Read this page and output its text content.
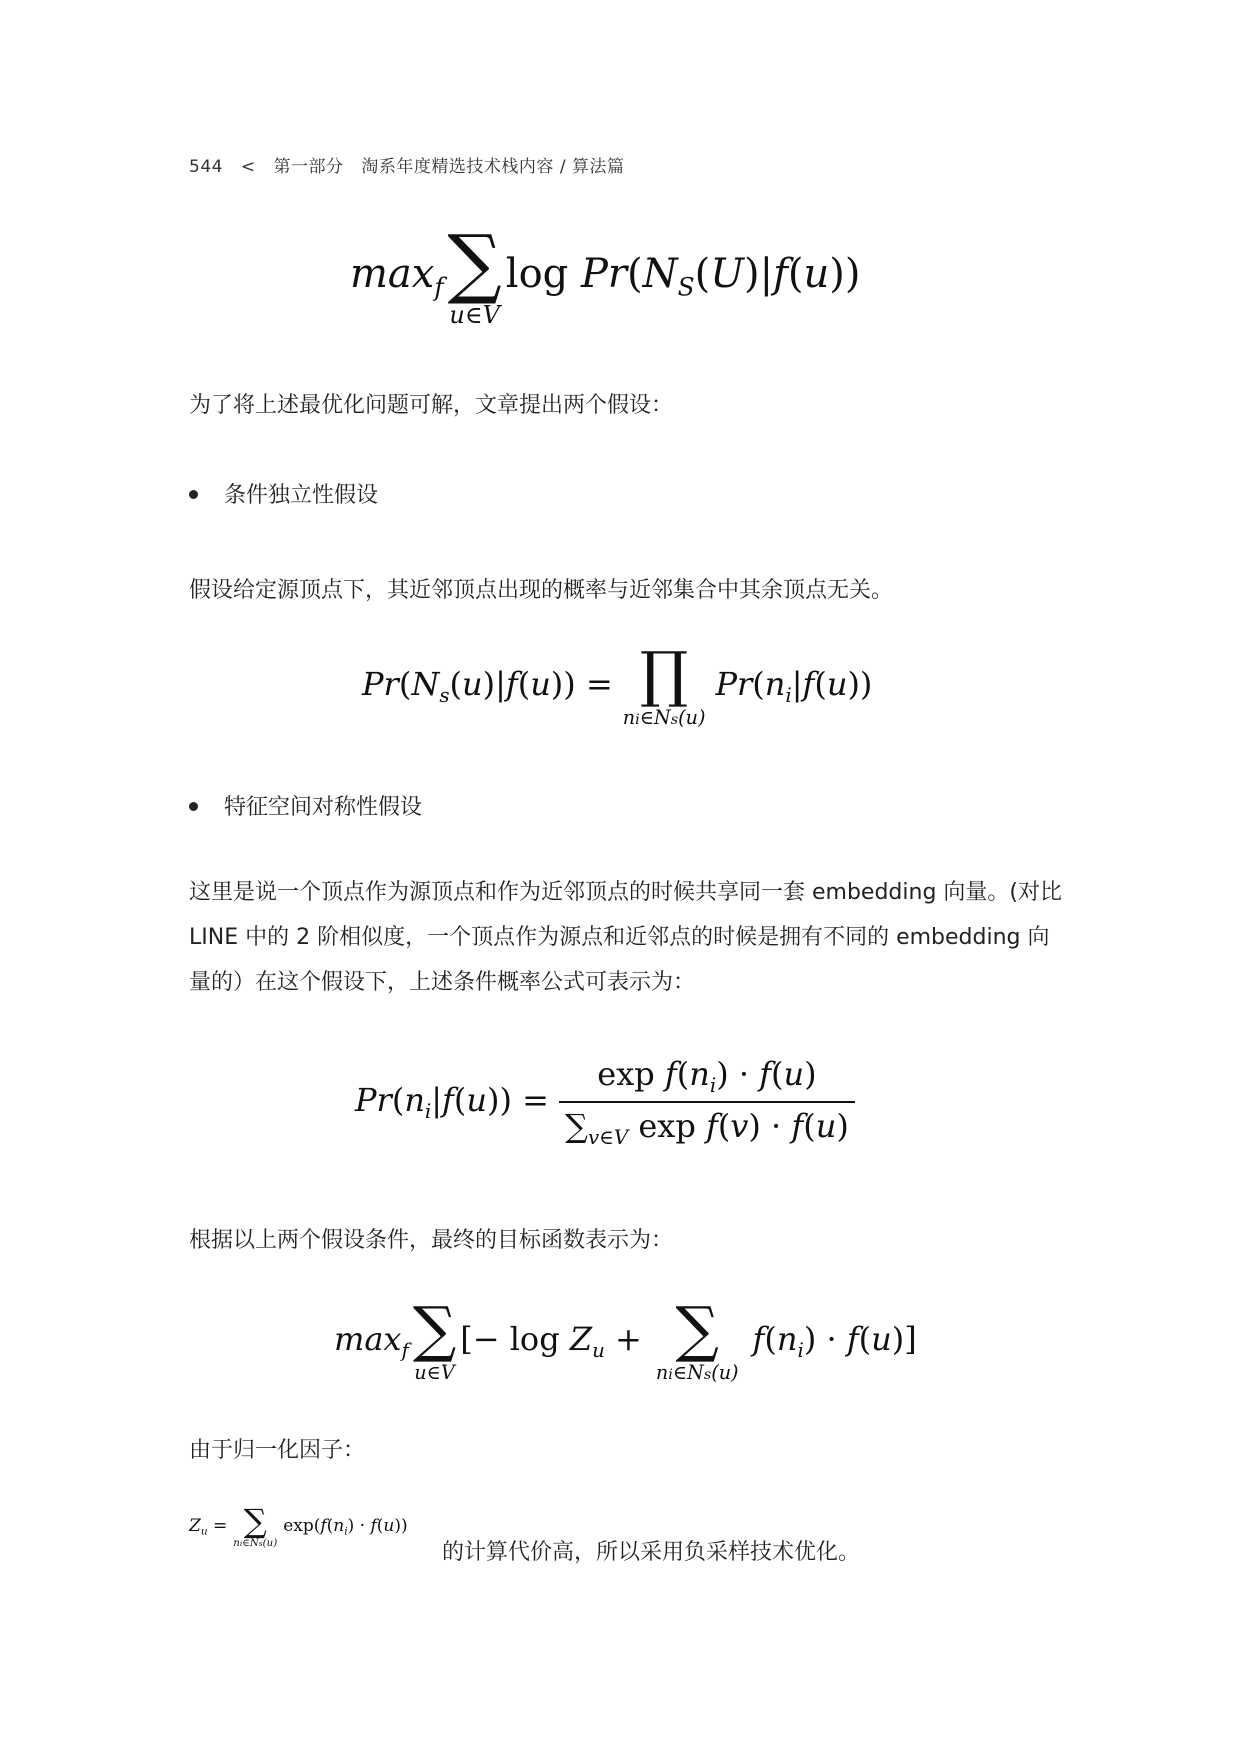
544 < 第一部分 淘系年度精选技术栈内容 / 算法篇
$\max_f$ ∑
u∈V
$\log Pr(N_S(U)|f(u))$
为了将上述最优化问题可解，文章提出两个假设：
条件独立性假设
假设给定源顶点下，其近邻顶点出现的概率与近邻集合中其余顶点无关。
$Pr(N_s(u)|f(u))$ = ∏
ni∈Ns(u)
$Pr(n_i|f(u))$
特征空间对称性假设
这里是说一个顶点作为源顶点和作为近邻顶点的时候共享同一套 embedding 向量。(对比 LINE 中的 2 阶相似度，一个顶点作为源点和近邻点的时候是拥有不同的 embedding 向量的）在这个假设下，上述条件概率公式可表示为：
$Pr(n_i|f(u)) = \frac{\exp f(n_i) \cdot f(u)}{\sum_{v\in V} \exp f(v) \cdot f(u)}$
根据以上两个假设条件，最终的目标函数表示为：
$\max_f$ ∑
u∈V
[− $\log Z_u$ + ∑
ni∈Ns(u)
$f(n_i) \cdot f(u)$]
由于归一化因子：
$Z_u$ = ∑
ni∈Ns(u)
$\exp(f(n_i) \cdot f(u))$
的计算代价高，所以采用负采样技术优化。
